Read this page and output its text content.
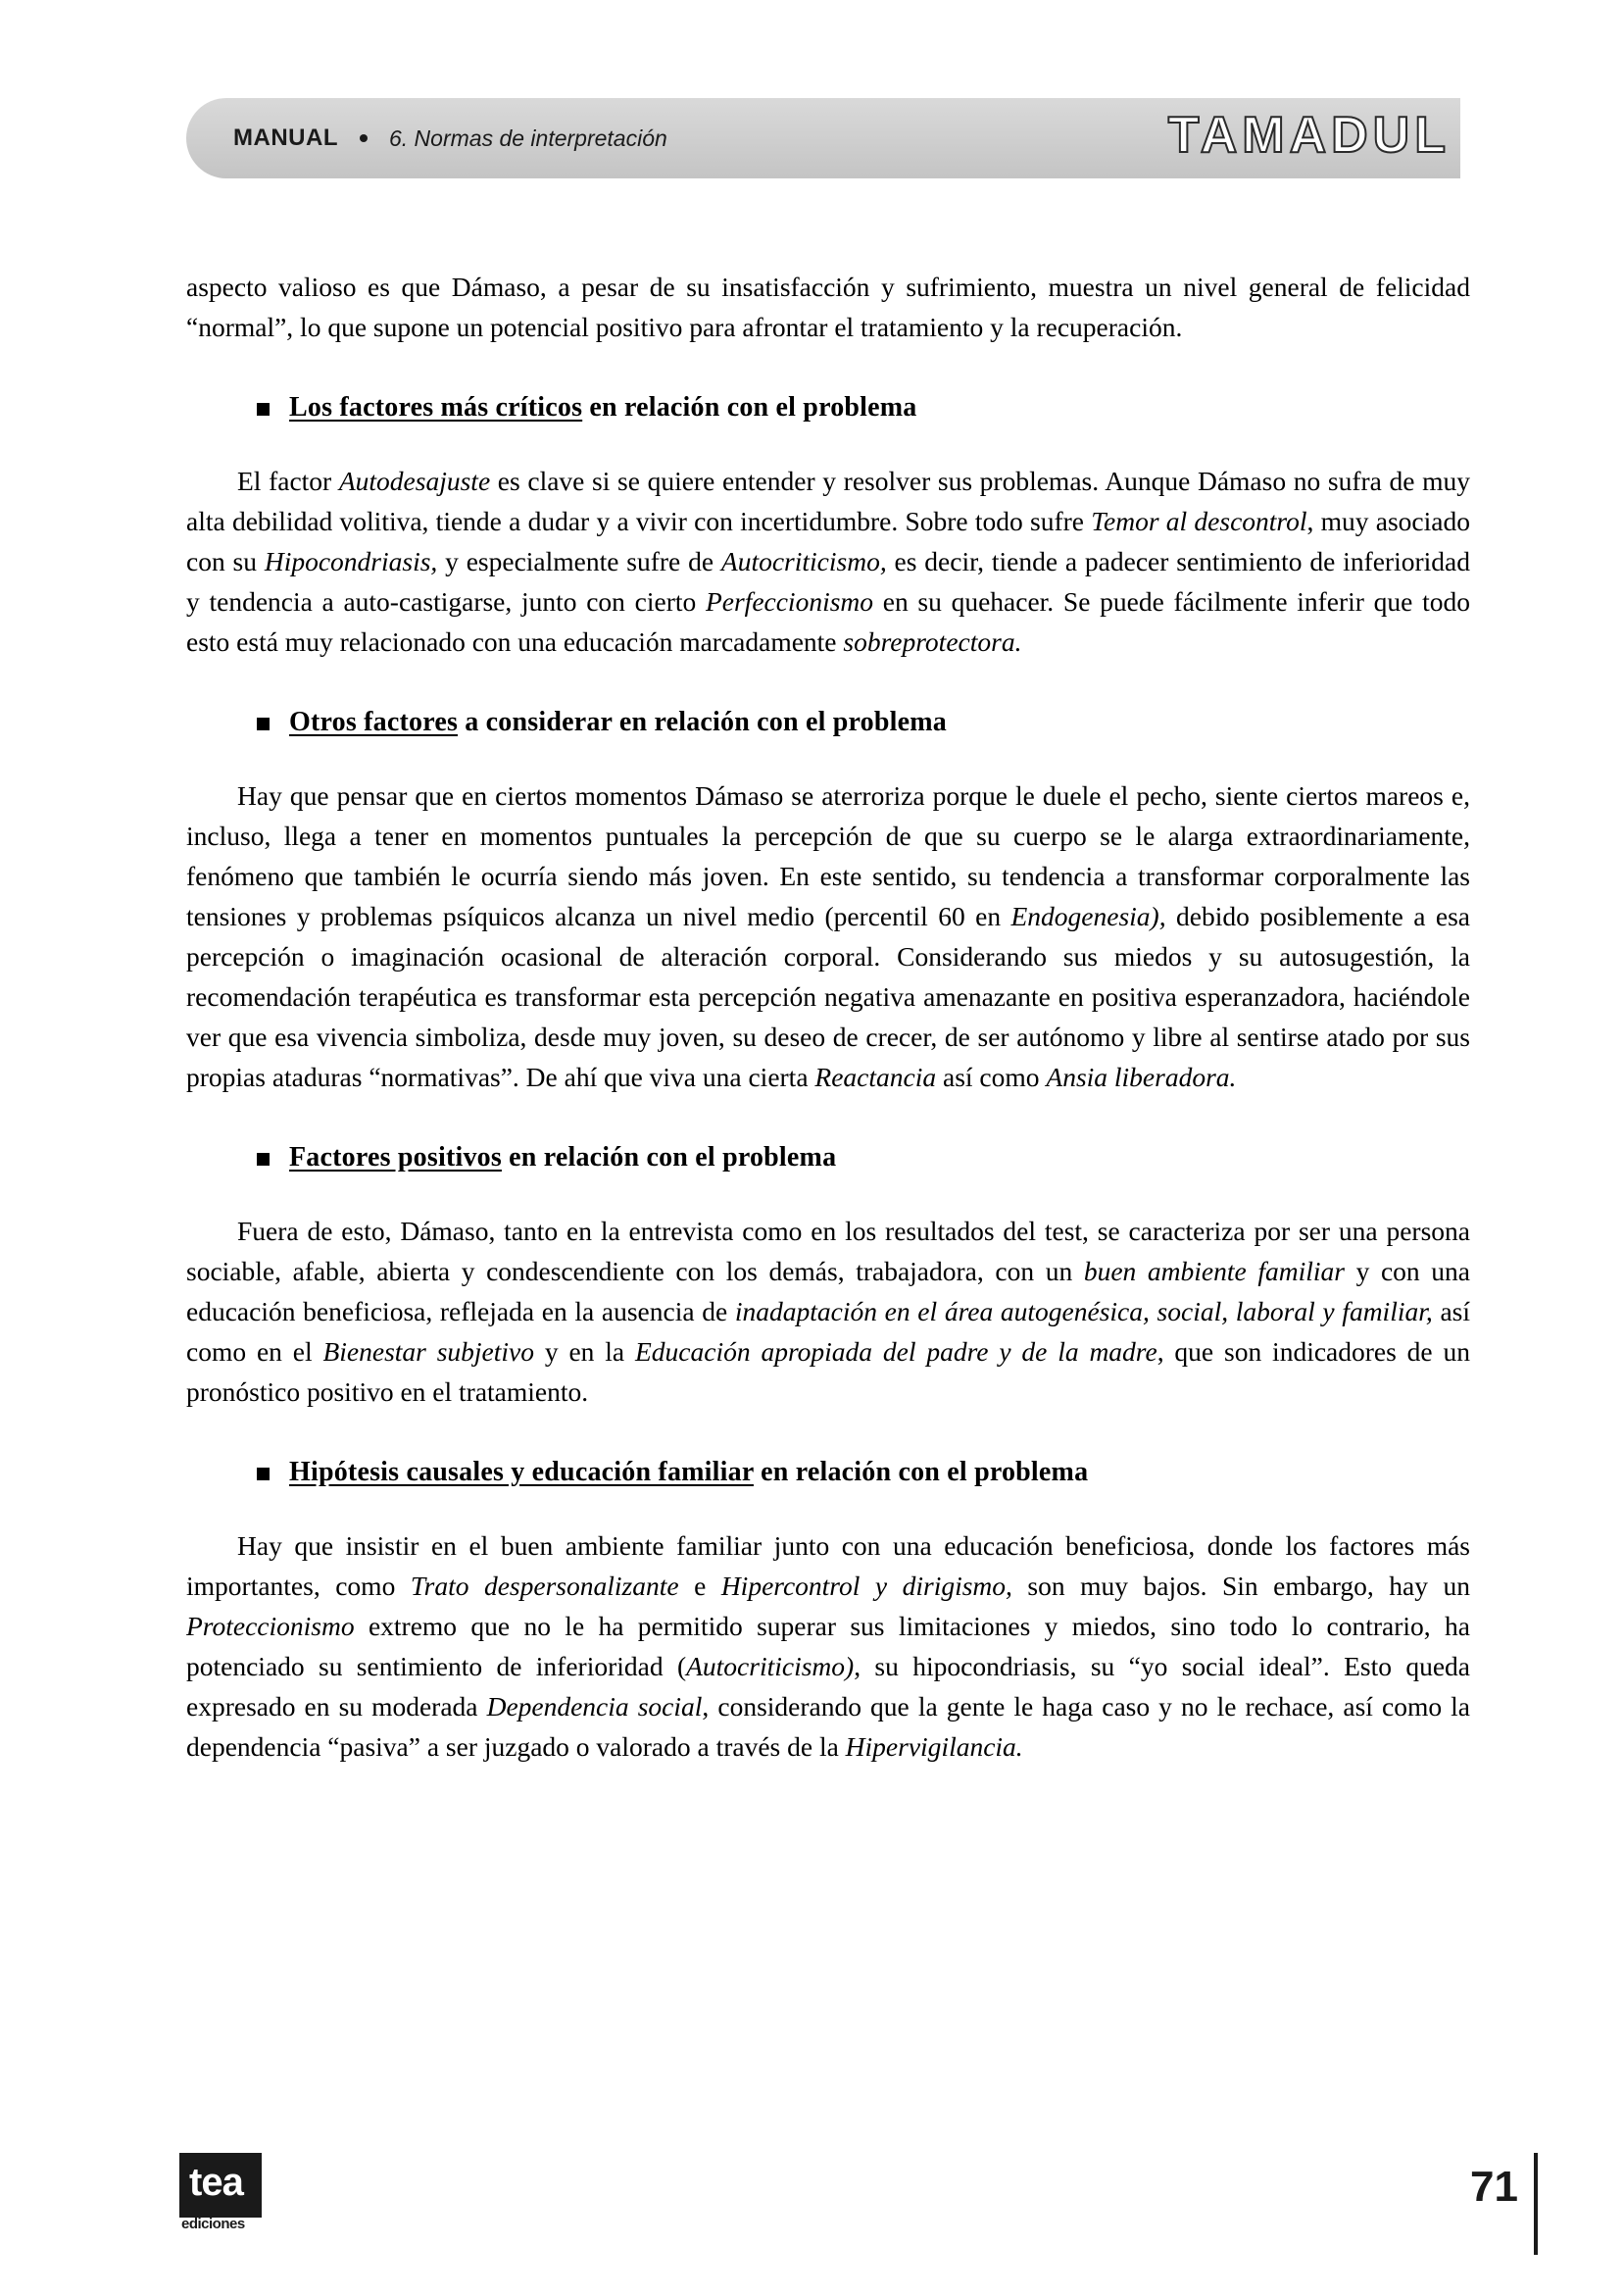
MANUAL 6. Normas de interpretación	TAMADUL

aspecto valioso es que Dámaso, a pesar de su insatisfacción y sufrimiento, muestra un nivel general de felicidad “normal”, lo que supone un potencial positivo para afrontar el tratamiento y la recuperación.

Los factores más críticos en relación con el problema

El factor Autodesajuste es clave si se quiere entender y resolver sus problemas. Aunque Dámaso no sufra de muy alta debilidad volitiva, tiende a dudar y a vivir con incertidumbre. Sobre todo sufre Temor al descontrol, muy asociado con su Hipocondriasis, y especialmente sufre de Autocriticismo, es decir, tiende a padecer sentimiento de inferioridad y tendencia a auto-castigarse, junto con cierto Perfeccionismo en su quehacer. Se puede fácilmente inferir que todo esto está muy relacionado con una educación marcadamente sobreprotectora.

Otros factores a considerar en relación con el problema

Hay que pensar que en ciertos momentos Dámaso se aterroriza porque le duele el pecho, siente ciertos mareos e, incluso, llega a tener en momentos puntuales la percepción de que su cuerpo se le alarga extraordinariamente, fenómeno que también le ocurría siendo más joven. En este sentido, su tendencia a transformar corporalmente las tensiones y problemas psíquicos alcanza un nivel medio (percentil 60 en Endogenesia), debido posiblemente a esa percepción o imaginación ocasional de alteración corporal. Considerando sus miedos y su autosugestión, la recomendación terapéutica es transformar esta percepción negativa amenazante en positiva esperanzadora, haciéndole ver que esa vivencia simboliza, desde muy joven, su deseo de crecer, de ser autónomo y libre al sentirse atado por sus propias ataduras “normativas”. De ahí que viva una cierta Reactancia así como Ansia liberadora.

Factores positivos en relación con el problema

Fuera de esto, Dámaso, tanto en la entrevista como en los resultados del test, se caracteriza por ser una persona sociable, afable, abierta y condescendiente con los demás, trabajadora, con un buen ambiente familiar y con una educación beneficiosa, reflejada en la ausencia de inadaptación en el área autogenésica, social, laboral y familiar, así como en el Bienestar subjetivo y en la Educación apropiada del padre y de la madre, que son indicadores de un pronóstico positivo en el tratamiento.

Hipótesis causales y educación familiar en relación con el problema

Hay que insistir en el buen ambiente familiar junto con una educación beneficiosa, donde los factores más importantes, como Trato despersonalizante e Hipercontrol y dirigismo, son muy bajos. Sin embargo, hay un Proteccionismo extremo que no le ha permitido superar sus limitaciones y miedos, sino todo lo contrario, ha potenciado su sentimiento de inferioridad (Autocriticismo), su hipocondriasis, su “yo social ideal”. Esto queda expresado en su moderada Dependencia social, considerando que la gente le haga caso y no le rechace, así como la dependencia “pasiva” a ser juzgado o valorado a través de la Hipervigilancia.

tea
ediciones
71
